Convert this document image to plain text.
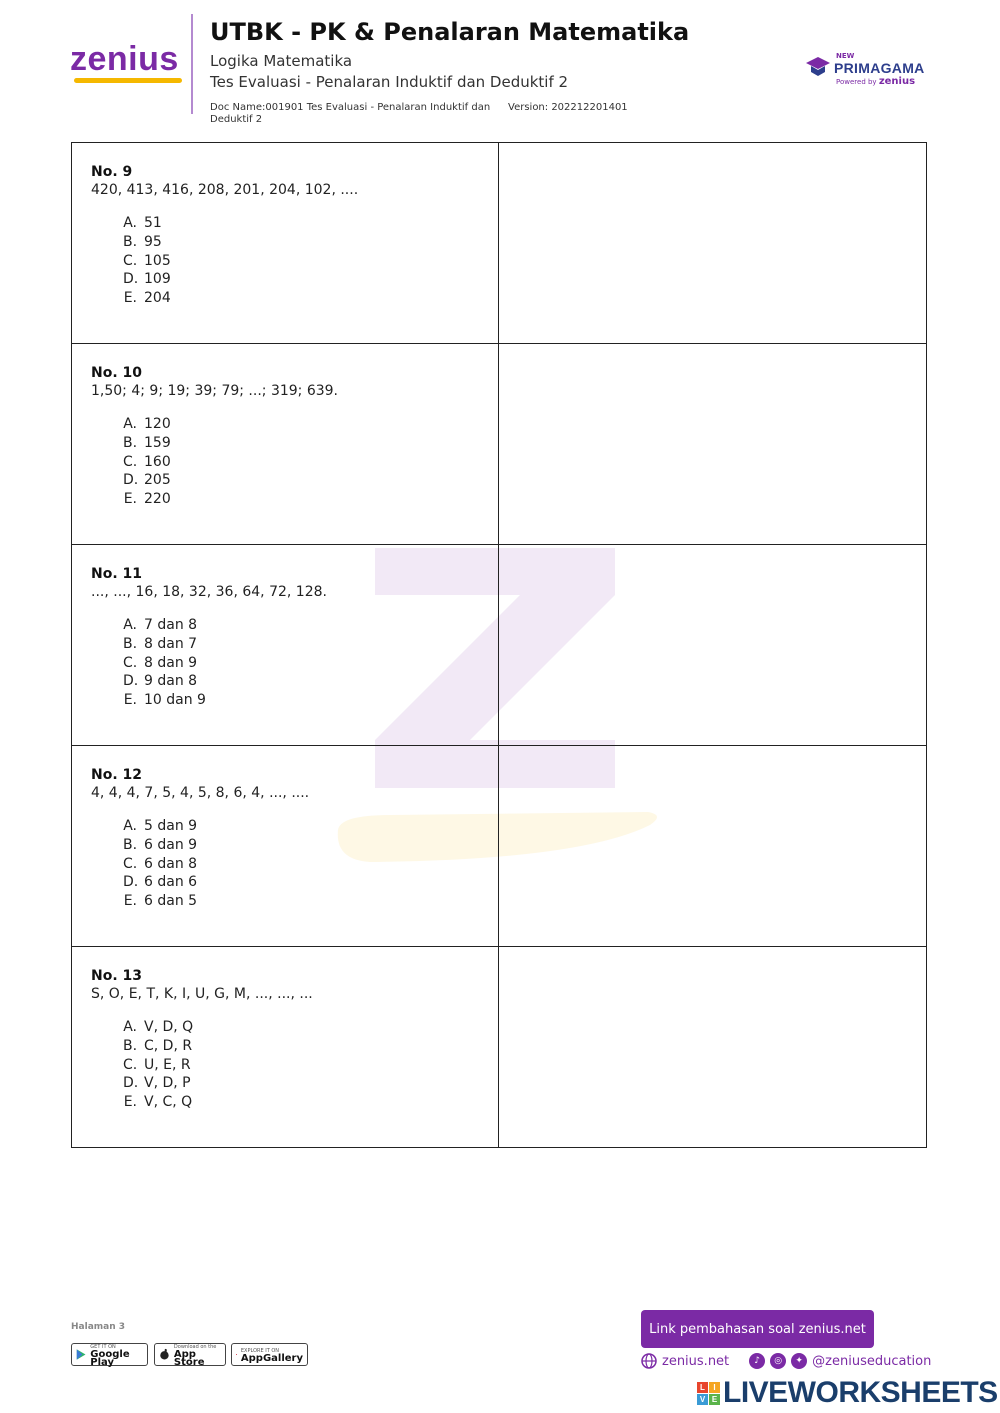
zenius
UTBK - PK & Penalaran Matematika
Logika Matematika
Tes Evaluasi - Penalaran Induktif dan Deduktif 2
Doc Name:001901 Tes Evaluasi - Penalaran Induktif dan
Deduktif 2
Version: 202212201401
NEW
PRIMAGAMA
Powered by zenius
No. 9
420, 413, 416, 208, 201, 204, 102, ....
A. 51
B. 95
C. 105
D. 109
E. 204
No. 10
1,50; 4; 9; 19; 39; 79; ...; 319; 639.
A. 120
B. 159
C. 160
D. 205
E. 220
No. 11
..., ..., 16, 18, 32, 36, 64, 72, 128.
A. 7 dan 8
B. 8 dan 7
C. 8 dan 9
D. 9 dan 8
E. 10 dan 9
No. 12
4, 4, 4, 7, 5, 4, 5, 8, 6, 4, ..., ....
A. 5 dan 9
B. 6 dan 9
C. 6 dan 8
D. 6 dan 6
E. 6 dan 5
No. 13
S, O, E, T, K, I, U, G, M, ..., ..., ...
A. V, D, Q
B. C, D, R
C. U, E, R
D. V, D, P
E. V, C, Q
Halaman 3
GET IT ON
Google Play
Download on the
App Store
EXPLORE IT ON
AppGallery
Link pembahasan soal zenius.net
zenius.net	♪	◎	✦ @zeniuseducation
L	I
V E LIVEWORKSHEETS
